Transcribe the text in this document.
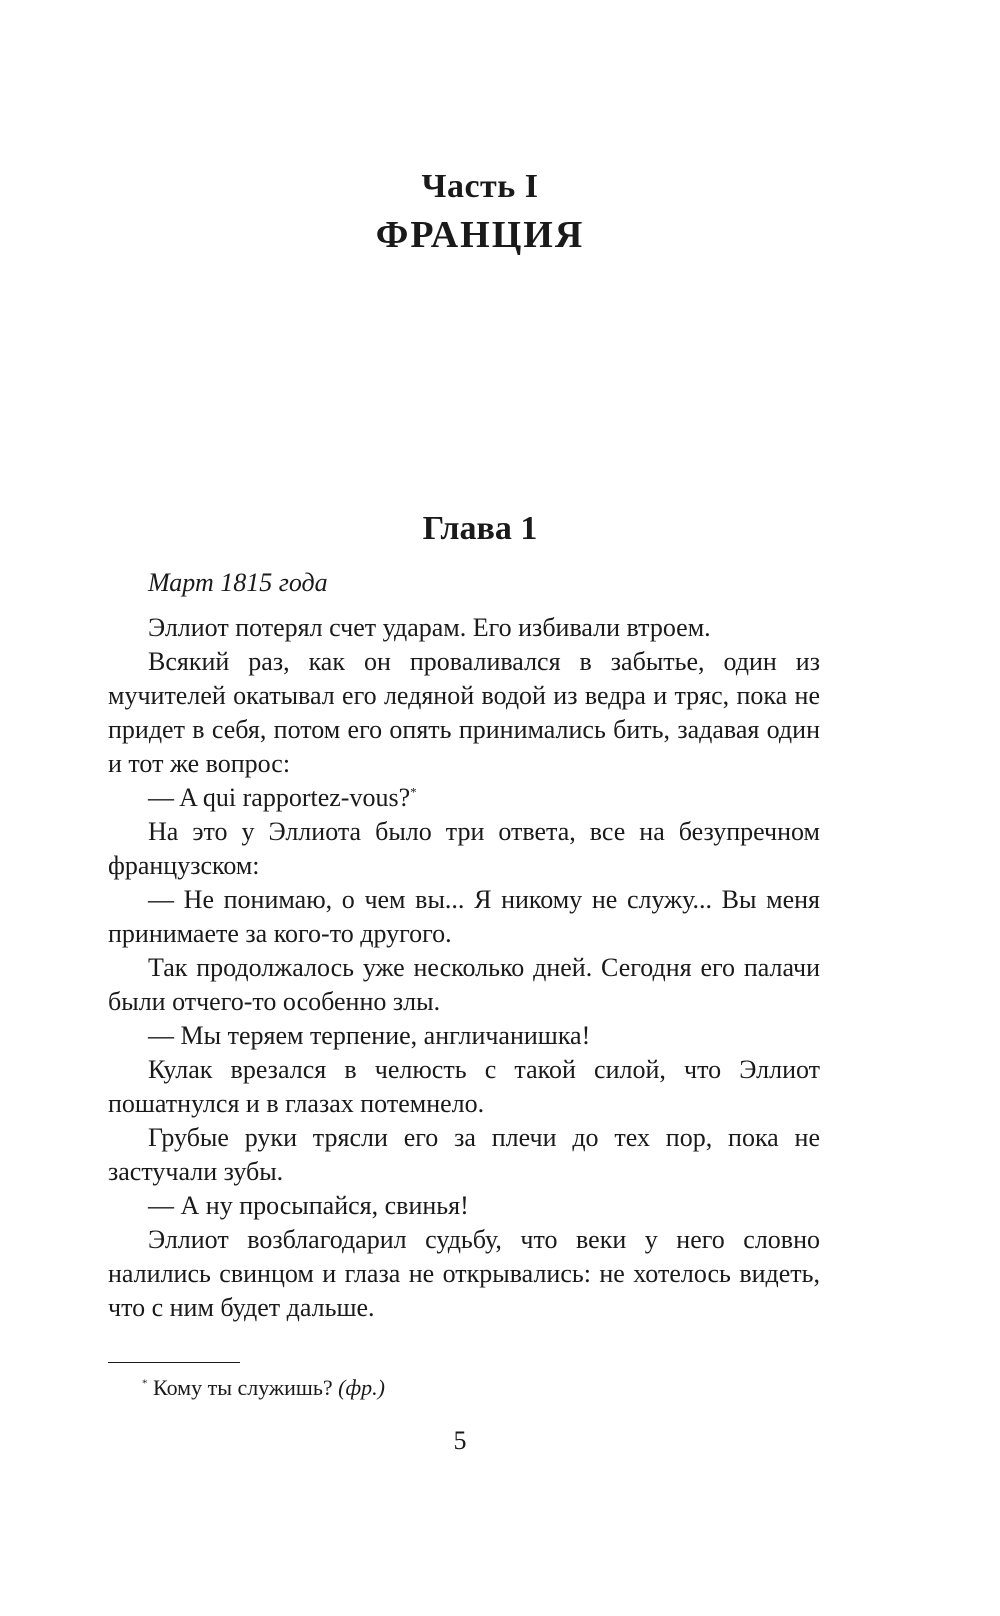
Часть I
ФРАНЦИЯ
Глава 1

Март 1815 года

Эллиот потерял счет ударам. Его избивали втроем.

Всякий раз, как он проваливался в забытье, один из мучителей окатывал его ледяной водой из ведра и тряс, пока не придет в себя, потом его опять принимались бить, задавая один и тот же вопрос:

— A qui rapportez-vous?*

На это у Эллиота было три ответа, все на безупречном французском:

— Не понимаю, о чем вы... Я никому не служу... Вы меня принимаете за кого-то другого.

Так продолжалось уже несколько дней. Сегодня его палачи были отчего-то особенно злы.

— Мы теряем терпение, англичанишка!

Кулак врезался в челюсть с такой силой, что Эллиот пошатнулся и в глазах потемнело.

Грубые руки трясли его за плечи до тех пор, пока не застучали зубы.

— А ну просыпайся, свинья!

Эллиот возблагодарил судьбу, что веки у него словно налились свинцом и глаза не открывались: не хотелось видеть, что с ним будет дальше.

* Кому ты служишь? (фр.)
5
